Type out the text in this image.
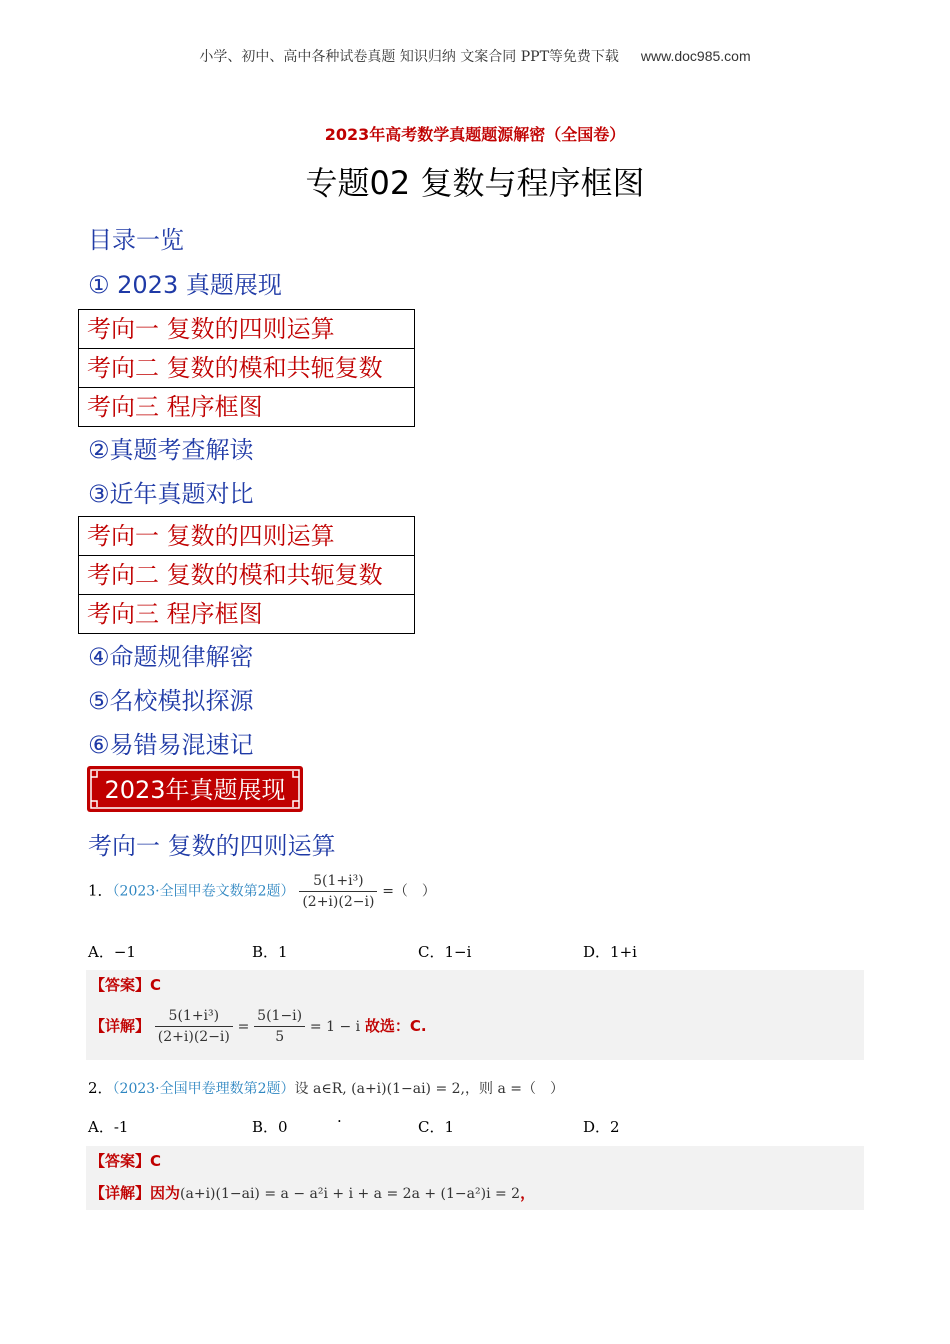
小学、初中、高中各种试卷真题 知识归纳 文案合同 PPT等免费下载 www.doc985.com
2023年高考数学真题题源解密（全国卷）
专题02 复数与程序框图
目录一览
① 2023 真题展现
考向一 复数的四则运算
考向二 复数的模和共轭复数
考向三 程序框图
②真题考查解读
③近年真题对比
考向一 复数的四则运算
考向二 复数的模和共轭复数
考向三 程序框图
④命题规律解密
⑤名校模拟探源
⑥易错易混速记
2023年真题展现
考向一 复数的四则运算
1．（2023·全国甲卷文数第2题） $\frac{\text{5(1+i³)}}{(2+i)(2-i)}$ =（　）
A．−1	B．1	C．1−i	D．1+i
【答案】C
【详解】 $\frac{\text{5(1+i³)}}{(2+i)(2-i)} = \frac{5(1-i)}{5} = 1 - i$ 故选：C.
2．（2023·全国甲卷理数第2题）设 a∈R, (a+i)(1−ai) = 2,，则 a =（　）
A．-1	B．0	·	C．1	D．2
【答案】C
【详解】因为(a+i)(1−ai) = a − a²i + i + a = 2a + (1−a²)i = 2，
